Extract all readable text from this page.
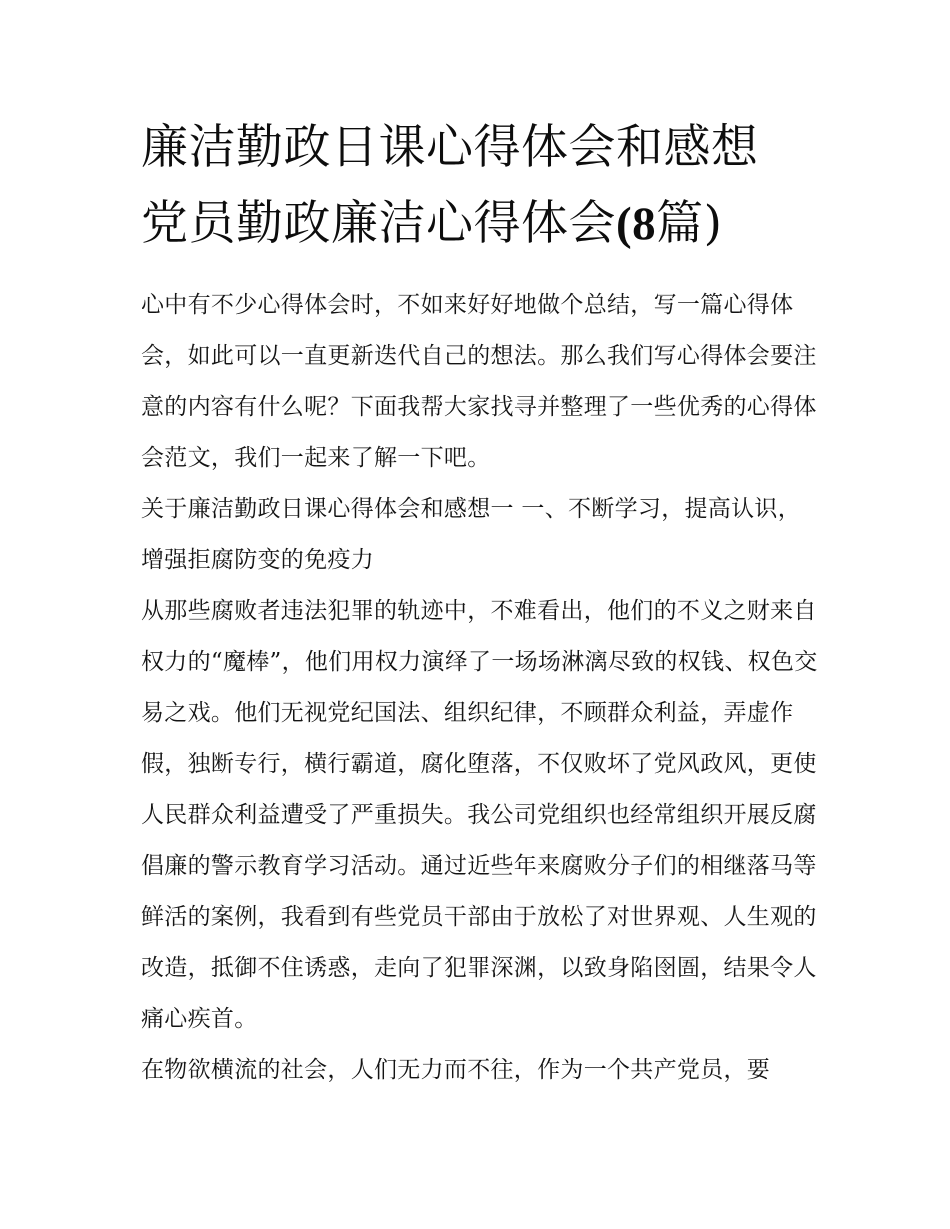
廉洁勤政日课心得体会和感想
党员勤政廉洁心得体会(8篇)

心中有不少心得体会时，不如来好好地做个总结，写一篇心得体会，如此可以一直更新迭代自己的想法。那么我们写心得体会要注意的内容有什么呢？下面我帮大家找寻并整理了一些优秀的心得体会范文，我们一起来了解一下吧。

关于廉洁勤政日课心得体会和感想一 一、不断学习，提高认识，增强拒腐防变的免疫力

从那些腐败者违法犯罪的轨迹中，不难看出，他们的不义之财来自权力的“魔棒”，他们用权力演绎了一场场淋漓尽致的权钱、权色交易之戏。他们无视党纪国法、组织纪律，不顾群众利益，弄虚作假，独断专行，横行霸道，腐化堕落，不仅败坏了党风政风，更使人民群众利益遭受了严重损失。我公司党组织也经常组织开展反腐倡廉的警示教育学习活动。通过近些年来腐败分子们的相继落马等鲜活的案例，我看到有些党员干部由于放松了对世界观、人生观的改造，抵御不住诱惑，走向了犯罪深渊，以致身陷囹圄，结果令人痛心疾首。

在物欲横流的社会，人们无力而不往，作为一个共产党员，要
